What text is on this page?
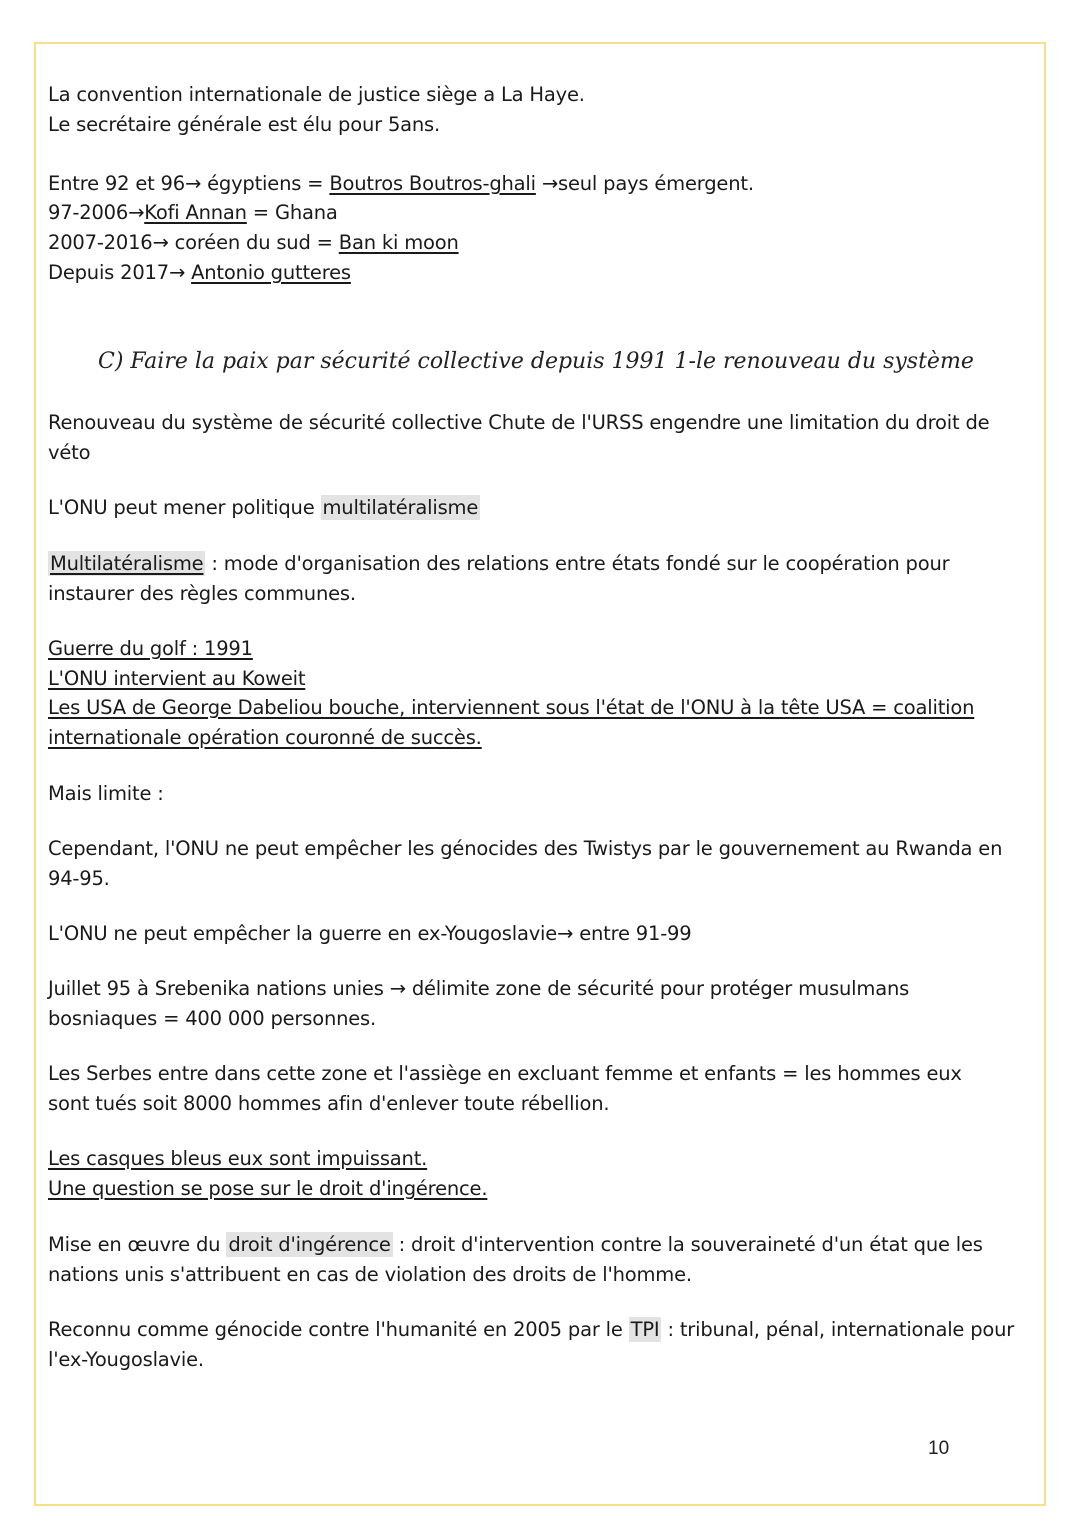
La convention internationale de justice siège a La Haye.

Le secrétaire générale est élu pour 5ans.

Entre 92 et 96→ égyptiens = Boutros Boutros-ghali →seul pays émergent.

97-2006→Kofi Annan = Ghana

2007-2016→ coréen du sud = Ban ki moon

Depuis 2017→ Antonio gutteres

C) Faire la paix par sécurité collective depuis 1991 1-le renouveau du système

Renouveau du système de sécurité collective Chute de l'URSS engendre une limitation du droit de

véto

L'ONU peut mener politique multilatéralisme

Multilatéralisme : mode d'organisation des relations entre états fondé sur le coopération pour

instaurer des règles communes.

Guerre du golf : 1991

L'ONU intervient au Koweit

Les USA de George Dabeliou bouche, interviennent sous l'état de l'ONU à la tête USA = coalition

internationale opération couronné de succès.

Mais limite :

Cependant, l'ONU ne peut empêcher les génocides des Twistys par le gouvernement au Rwanda en

94-95.

L'ONU ne peut empêcher la guerre en ex-Yougoslavie→ entre 91-99

Juillet 95 à Srebenika nations unies → délimite zone de sécurité pour protéger musulmans

bosniaques = 400 000 personnes.

Les Serbes entre dans cette zone et l'assiège en excluant femme et enfants = les hommes eux

sont tués soit 8000 hommes afin d'enlever toute rébellion.

Les casques bleus eux sont impuissant.

Une question se pose sur le droit d'ingérence.

Mise en œuvre du droit d'ingérence : droit d'intervention contre la souveraineté d'un état que les

nations unis s'attribuent en cas de violation des droits de l'homme.

Reconnu comme génocide contre l'humanité en 2005 par le TPI : tribunal, pénal, internationale pour

l'ex-Yougoslavie.

10
